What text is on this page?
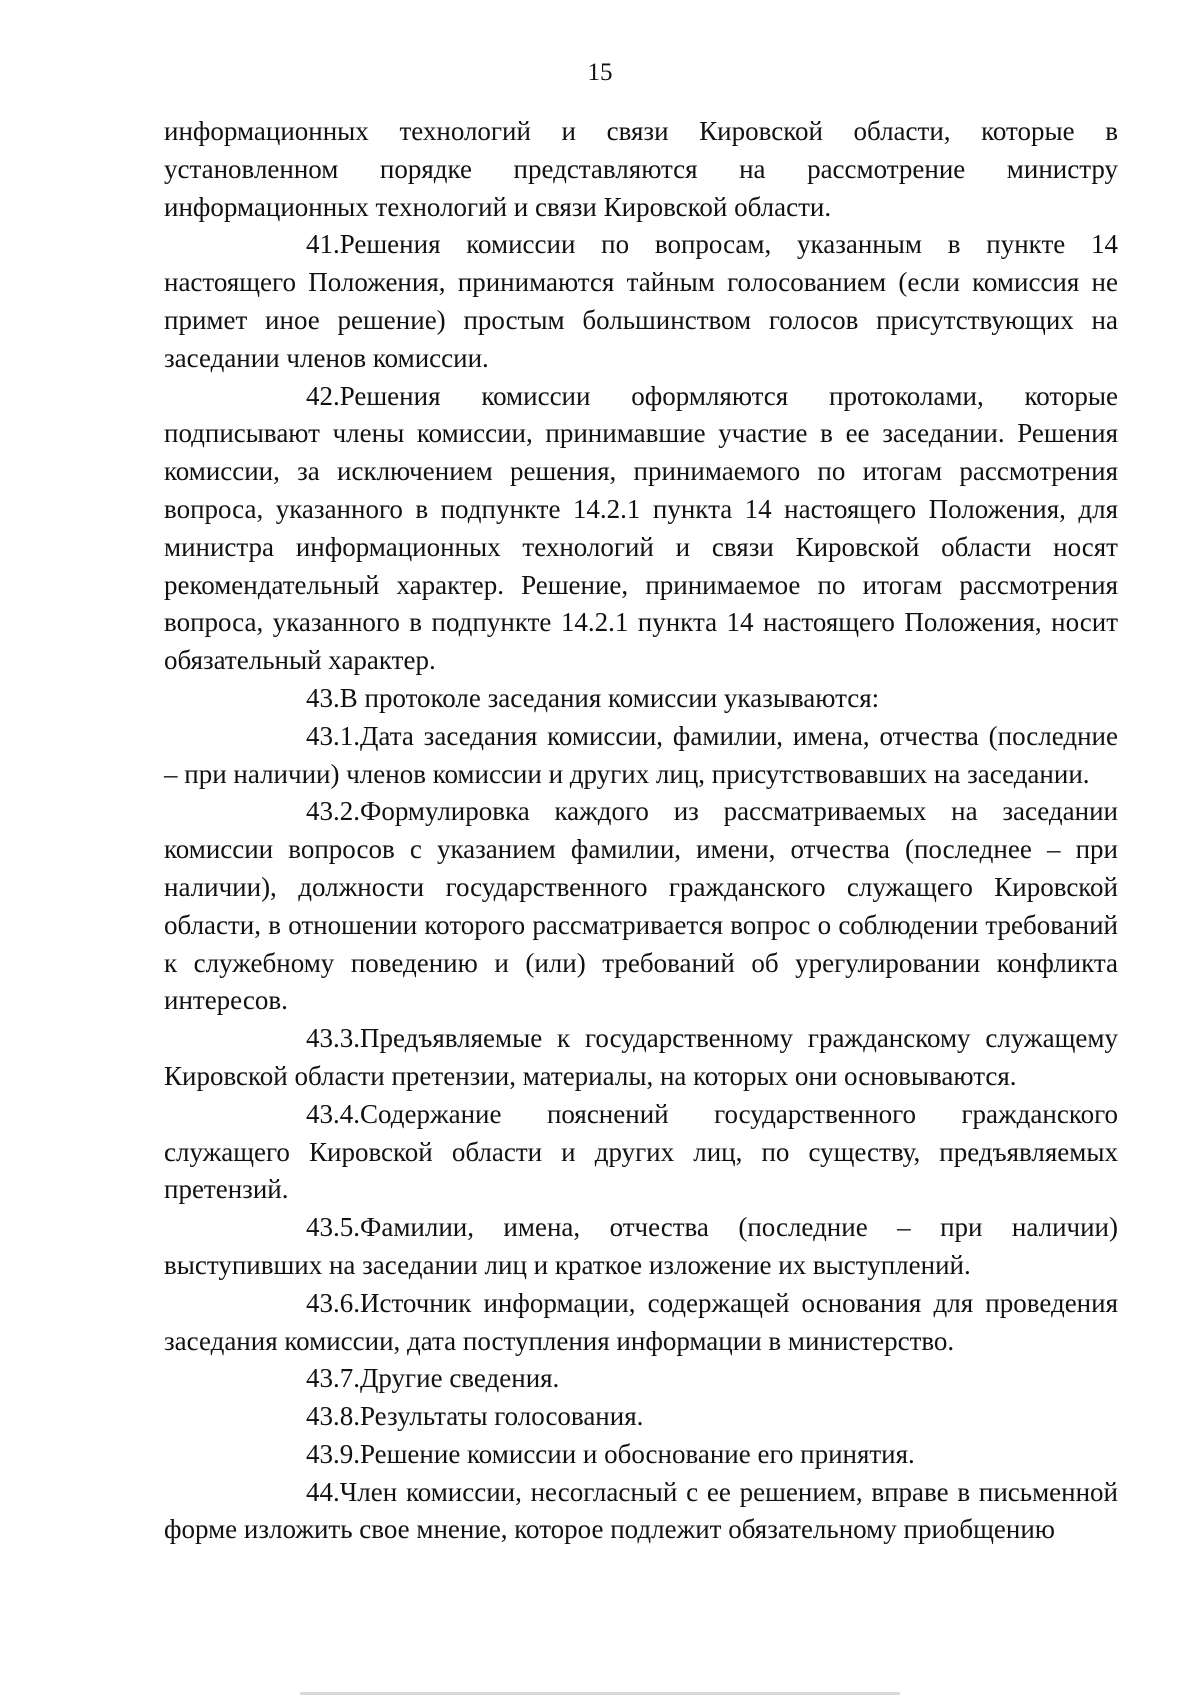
15

информационных технологий и связи Кировской области, которые в установленном порядке представляются на рассмотрение министру информационных технологий и связи Кировской области.

41.Решения комиссии по вопросам, указанным в пункте 14 настоящего Положения, принимаются тайным голосованием (если комиссия не примет иное решение) простым большинством голосов присутствующих на заседании членов комиссии.

42.Решения комиссии оформляются протоколами, которые подписывают члены комиссии, принимавшие участие в ее заседании. Решения комиссии, за исключением решения, принимаемого по итогам рассмотрения вопроса, указанного в подпункте 14.2.1 пункта 14 настоящего Положения, для министра информационных технологий и связи Кировской области носят рекомендательный характер. Решение, принимаемое по итогам рассмотрения вопроса, указанного в подпункте 14.2.1 пункта 14 настоящего Положения, носит обязательный характер.

43.В протоколе заседания комиссии указываются:

43.1.Дата заседания комиссии, фамилии, имена, отчества (последние – при наличии) членов комиссии и других лиц, присутствовавших на заседании.

43.2.Формулировка каждого из рассматриваемых на заседании комиссии вопросов с указанием фамилии, имени, отчества (последнее – при наличии), должности государственного гражданского служащего Кировской области, в отношении которого рассматривается вопрос о соблюдении требований к служебному поведению и (или) требований об урегулировании конфликта интересов.

43.3.Предъявляемые к государственному гражданскому служащему Кировской области претензии, материалы, на которых они основываются.

43.4.Содержание пояснений государственного гражданского служащего Кировской области и других лиц, по существу, предъявляемых претензий.

43.5.Фамилии, имена, отчества (последние – при наличии) выступивших на заседании лиц и краткое изложение их выступлений.

43.6.Источник информации, содержащей основания для проведения заседания комиссии, дата поступления информации в министерство.

43.7.Другие сведения.

43.8.Результаты голосования.

43.9.Решение комиссии и обоснование его принятия.

44.Член комиссии, несогласный с ее решением, вправе в письменной форме изложить свое мнение, которое подлежит обязательному приобщению
